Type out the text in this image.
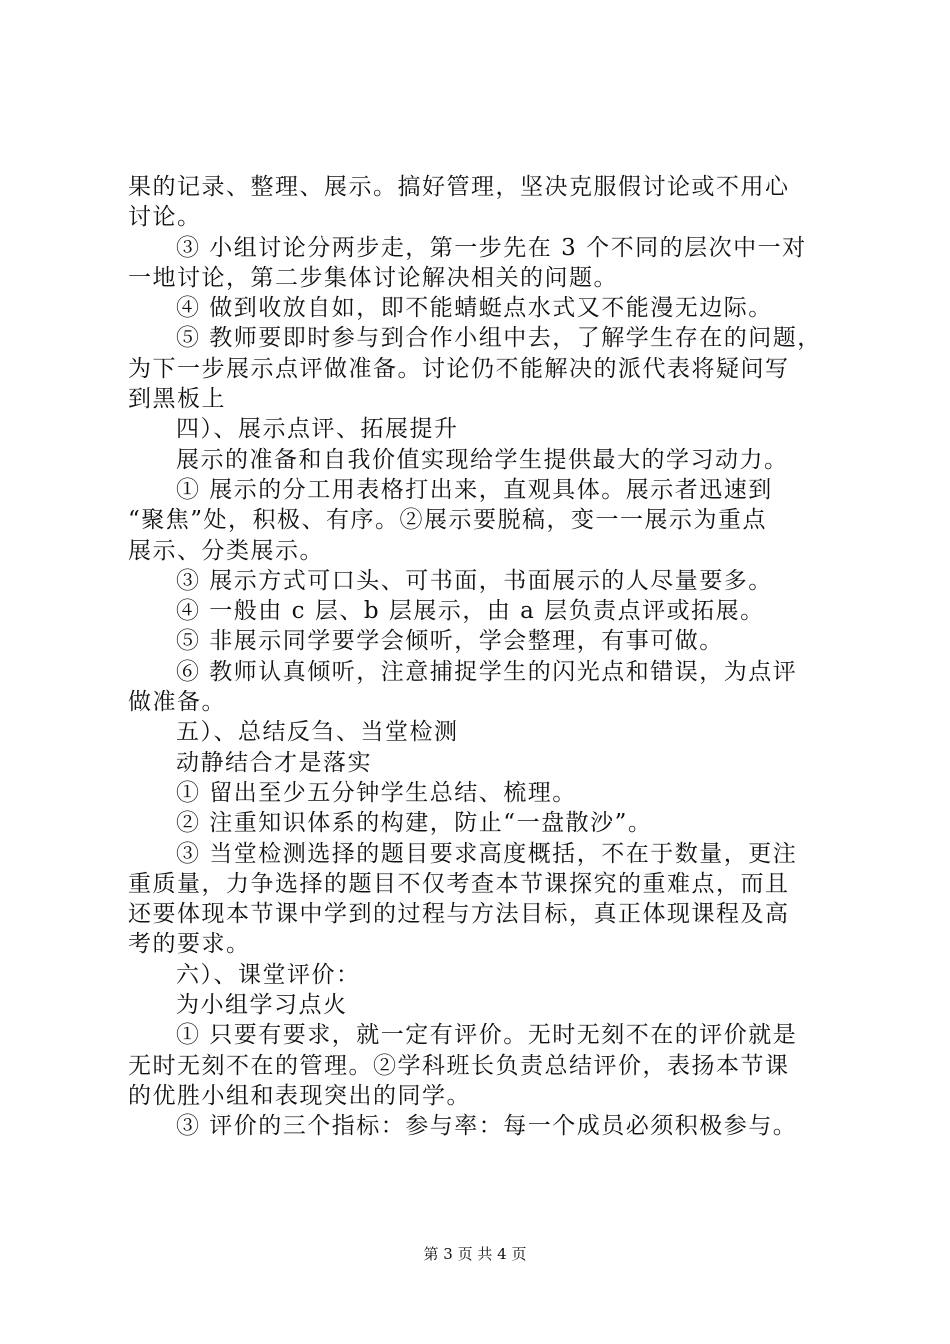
果的记录、整理、展示。搞好管理，坚决克服假讨论或不用心
讨论。
③ 小组讨论分两步走，第一步先在 3 个不同的层次中一对
一地讨论，第二步集体讨论解决相关的问题。
④ 做到收放自如，即不能蜻蜓点水式又不能漫无边际。
⑤ 教师要即时参与到合作小组中去，了解学生存在的问题，
为下一步展示点评做准备。讨论仍不能解决的派代表将疑问写
到黑板上
四）、展示点评、拓展提升
展示的准备和自我价值实现给学生提供最大的学习动力。
① 展示的分工用表格打出来，直观具体。展示者迅速到
“聚焦”处，积极、有序。②展示要脱稿，变一一展示为重点
展示、分类展示。
③ 展示方式可口头、可书面，书面展示的人尽量要多。
④ 一般由 c 层、b 层展示，由 a 层负责点评或拓展。
⑤ 非展示同学要学会倾听，学会整理，有事可做。
⑥ 教师认真倾听，注意捕捉学生的闪光点和错误，为点评
做准备。
五）、总结反刍、当堂检测
动静结合才是落实
① 留出至少五分钟学生总结、梳理。
② 注重知识体系的构建，防止“一盘散沙”。
③ 当堂检测选择的题目要求高度概括，不在于数量，更注
重质量，力争选择的题目不仅考查本节课探究的重难点，而且
还要体现本节课中学到的过程与方法目标，真正体现课程及高
考的要求。
六）、课堂评价：
为小组学习点火
① 只要有要求，就一定有评价。无时无刻不在的评价就是
无时无刻不在的管理。②学科班长负责总结评价，表扬本节课
的优胜小组和表现突出的同学。
③ 评价的三个指标：参与率：每一个成员必须积极参与。
第 3 页 共 4 页
